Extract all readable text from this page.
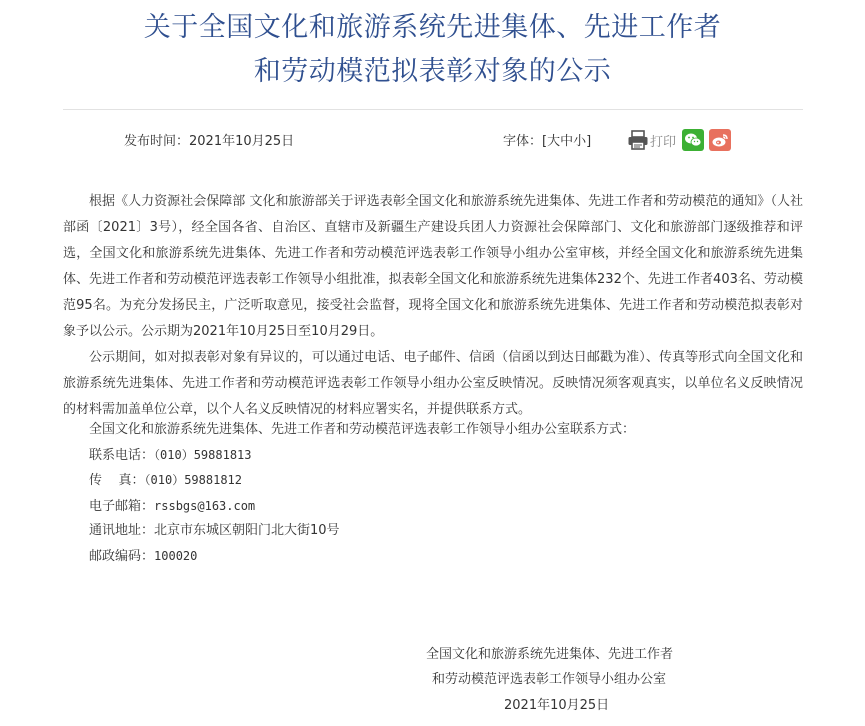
关于全国文化和旅游系统先进集体、先进工作者
和劳动模范拟表彰对象的公示
发布时间：2021年10月25日	字体：[大中小]	打印

根据《人力资源社会保障部 文化和旅游部关于评选表彰全国文化和旅游系统先进集体、先进工作者和劳动模范的通知》（人社部函〔2021〕3号），经全国各省、自治区、直辖市及新疆生产建设兵团人力资源社会保障部门、文化和旅游部门逐级推荐和评选，全国文化和旅游系统先进集体、先进工作者和劳动模范评选表彰工作领导小组办公室审核，并经全国文化和旅游系统先进集体、先进工作者和劳动模范评选表彰工作领导小组批准，拟表彰全国文化和旅游系统先进集体232个、先进工作者403名、劳动模范95名。为充分发扬民主，广泛听取意见，接受社会监督，现将全国文化和旅游系统先进集体、先进工作者和劳动模范拟表彰对象予以公示。公示期为2021年10月25日至10月29日。

公示期间，如对拟表彰对象有异议的，可以通过电话、电子邮件、信函（信函以到达日邮戳为准）、传真等形式向全国文化和旅游系统先进集体、先进工作者和劳动模范评选表彰工作领导小组办公室反映情况。反映情况须客观真实，以单位名义反映情况的材料需加盖单位公章，以个人名义反映情况的材料应署实名，并提供联系方式。

全国文化和旅游系统先进集体、先进工作者和劳动模范评选表彰工作领导小组办公室联系方式：
联系电话：（010）59881813
传    真：（010）59881812
电子邮箱：rssbgs@163.com
通讯地址：北京市东城区朝阳门北大街10号
邮政编码：100020
全国文化和旅游系统先进集体、先进工作者
和劳动模范评选表彰工作领导小组办公室
2021年10月25日
